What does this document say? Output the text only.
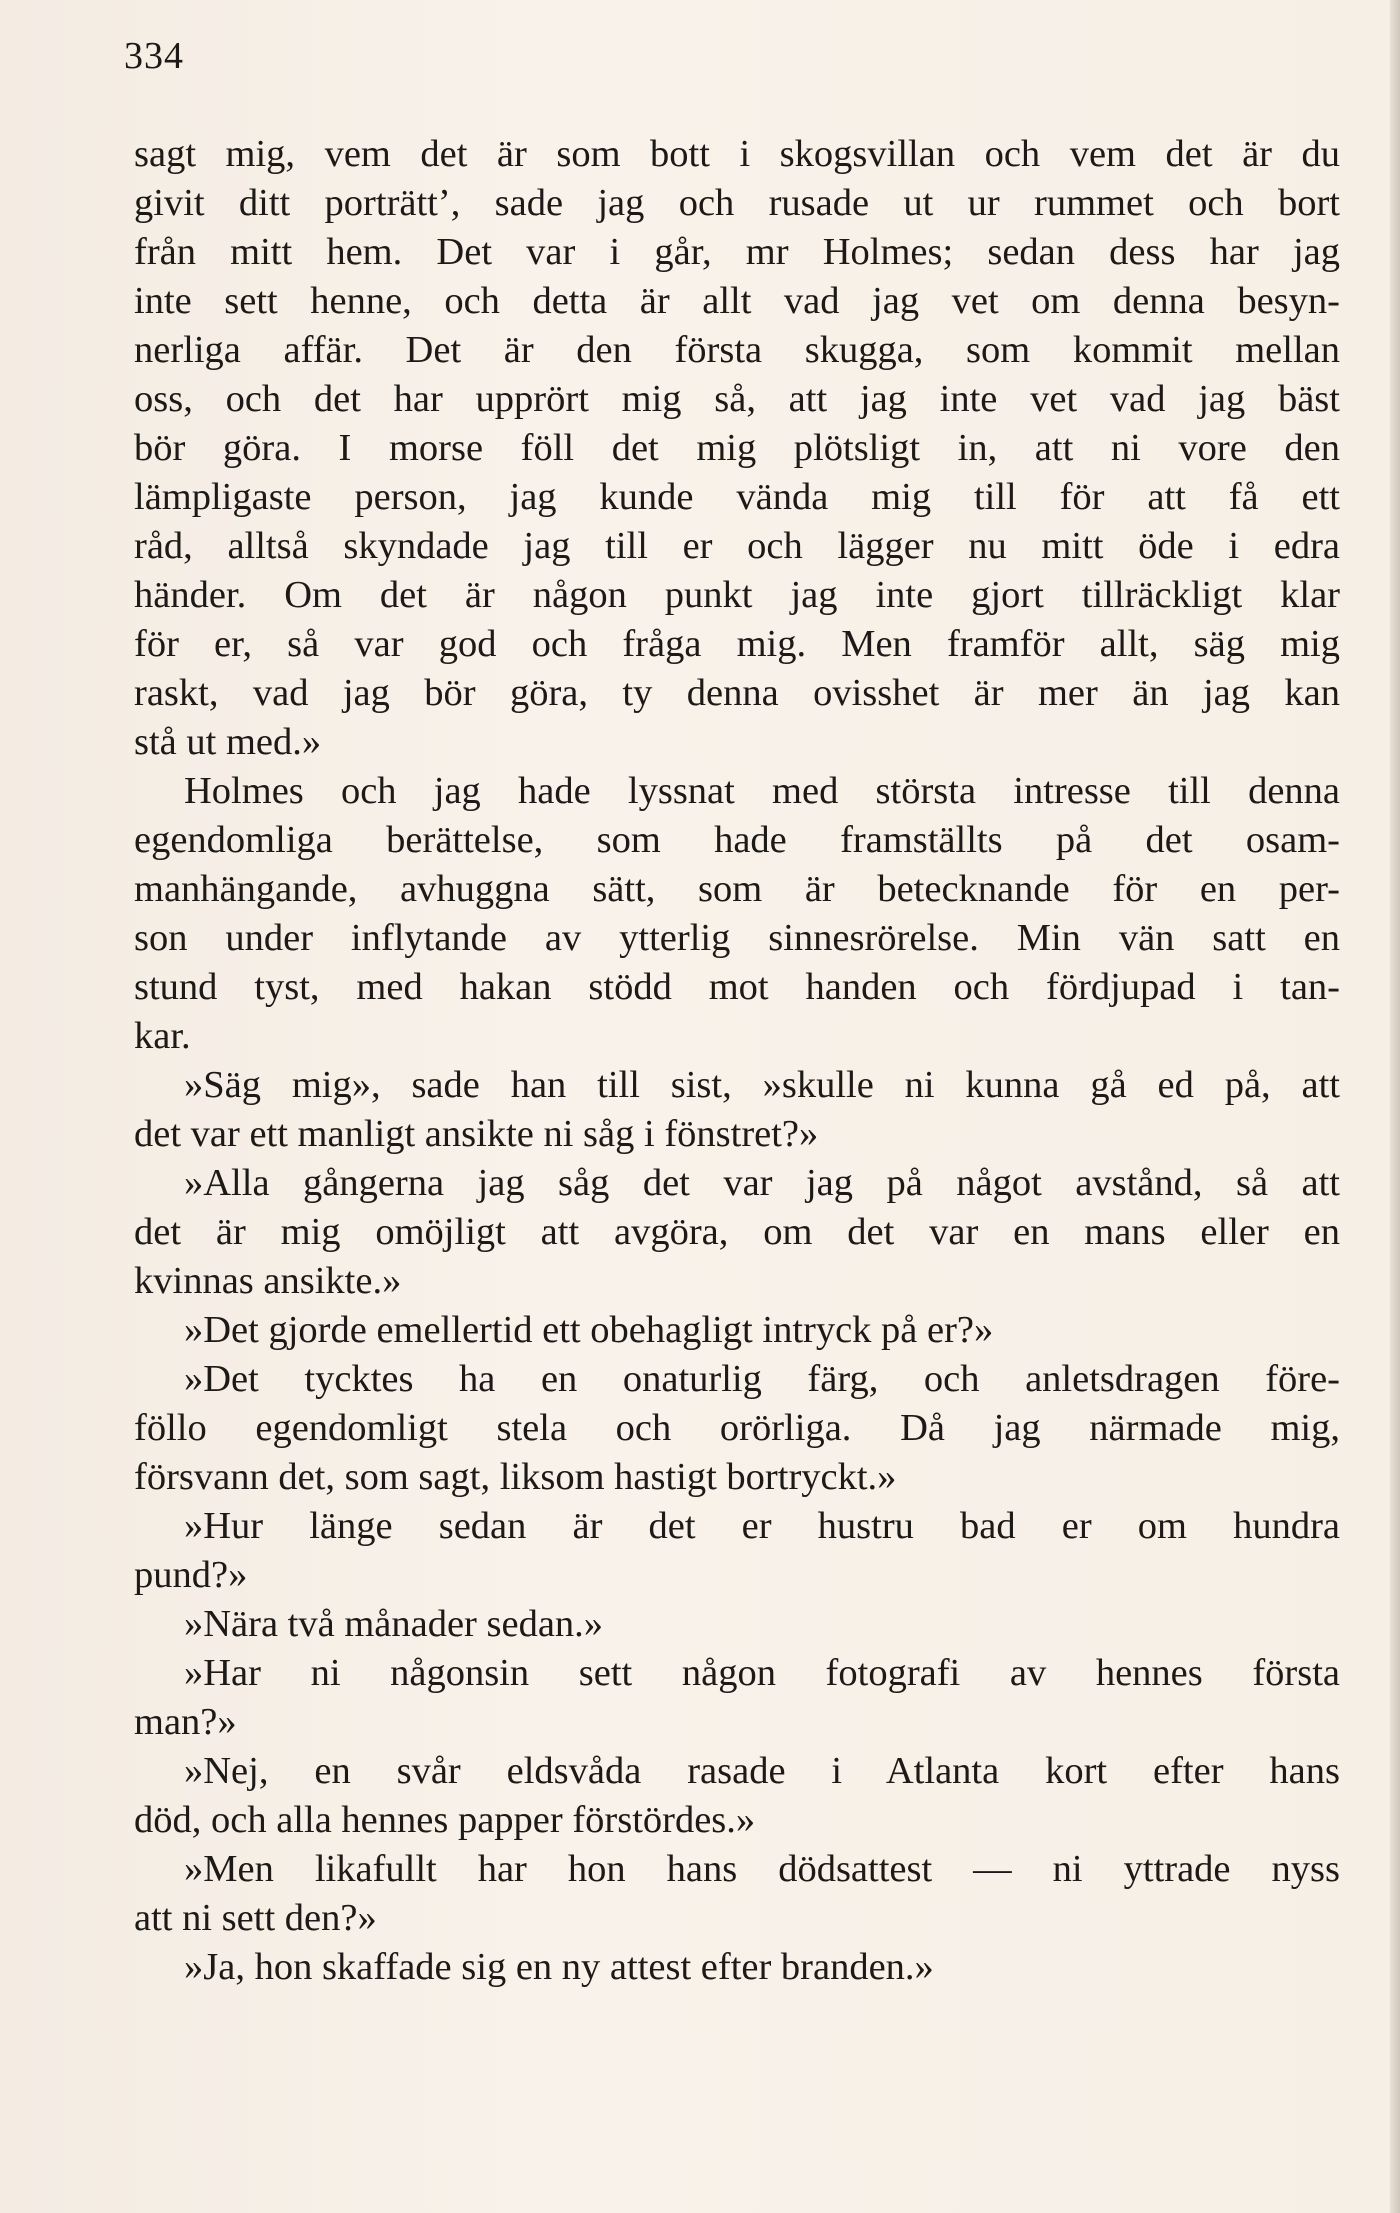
334
sagt mig, vem det är som bott i skogsvillan och vem det är du
givit ditt porträtt’, sade jag och rusade ut ur rummet och bort
från mitt hem. Det var i går, mr Holmes; sedan dess har jag
inte sett henne, och detta är allt vad jag vet om denna besyn-
nerliga affär. Det är den första skugga, som kommit mellan
oss, och det har upprört mig så, att jag inte vet vad jag bäst
bör göra. I morse föll det mig plötsligt in, att ni vore den
lämpligaste person, jag kunde vända mig till för att få ett
råd, alltså skyndade jag till er och lägger nu mitt öde i edra
händer. Om det är någon punkt jag inte gjort tillräckligt klar
för er, så var god och fråga mig. Men framför allt, säg mig
raskt, vad jag bör göra, ty denna ovisshet är mer än jag kan
stå ut med.»
Holmes och jag hade lyssnat med största intresse till denna
egendomliga berättelse, som hade framställts på det osam-
manhängande, avhuggna sätt, som är betecknande för en per-
son under inflytande av ytterlig sinnesrörelse. Min vän satt en
stund tyst, med hakan stödd mot handen och fördjupad i tan-
kar.
»Säg mig», sade han till sist, »skulle ni kunna gå ed på, att
det var ett manligt ansikte ni såg i fönstret?»
»Alla gångerna jag såg det var jag på något avstånd, så att
det är mig omöjligt att avgöra, om det var en mans eller en
kvinnas ansikte.»
»Det gjorde emellertid ett obehagligt intryck på er?»
»Det tycktes ha en onaturlig färg, och anletsdragen före-
föllo egendomligt stela och orörliga. Då jag närmade mig,
försvann det, som sagt, liksom hastigt bortryckt.»
»Hur länge sedan är det er hustru bad er om hundra
pund?»
»Nära två månader sedan.»
»Har ni någonsin sett någon fotografi av hennes första
man?»
»Nej, en svår eldsvåda rasade i Atlanta kort efter hans
död, och alla hennes papper förstördes.»
»Men likafullt har hon hans dödsattest — ni yttrade nyss
att ni sett den?»
»Ja, hon skaffade sig en ny attest efter branden.»
